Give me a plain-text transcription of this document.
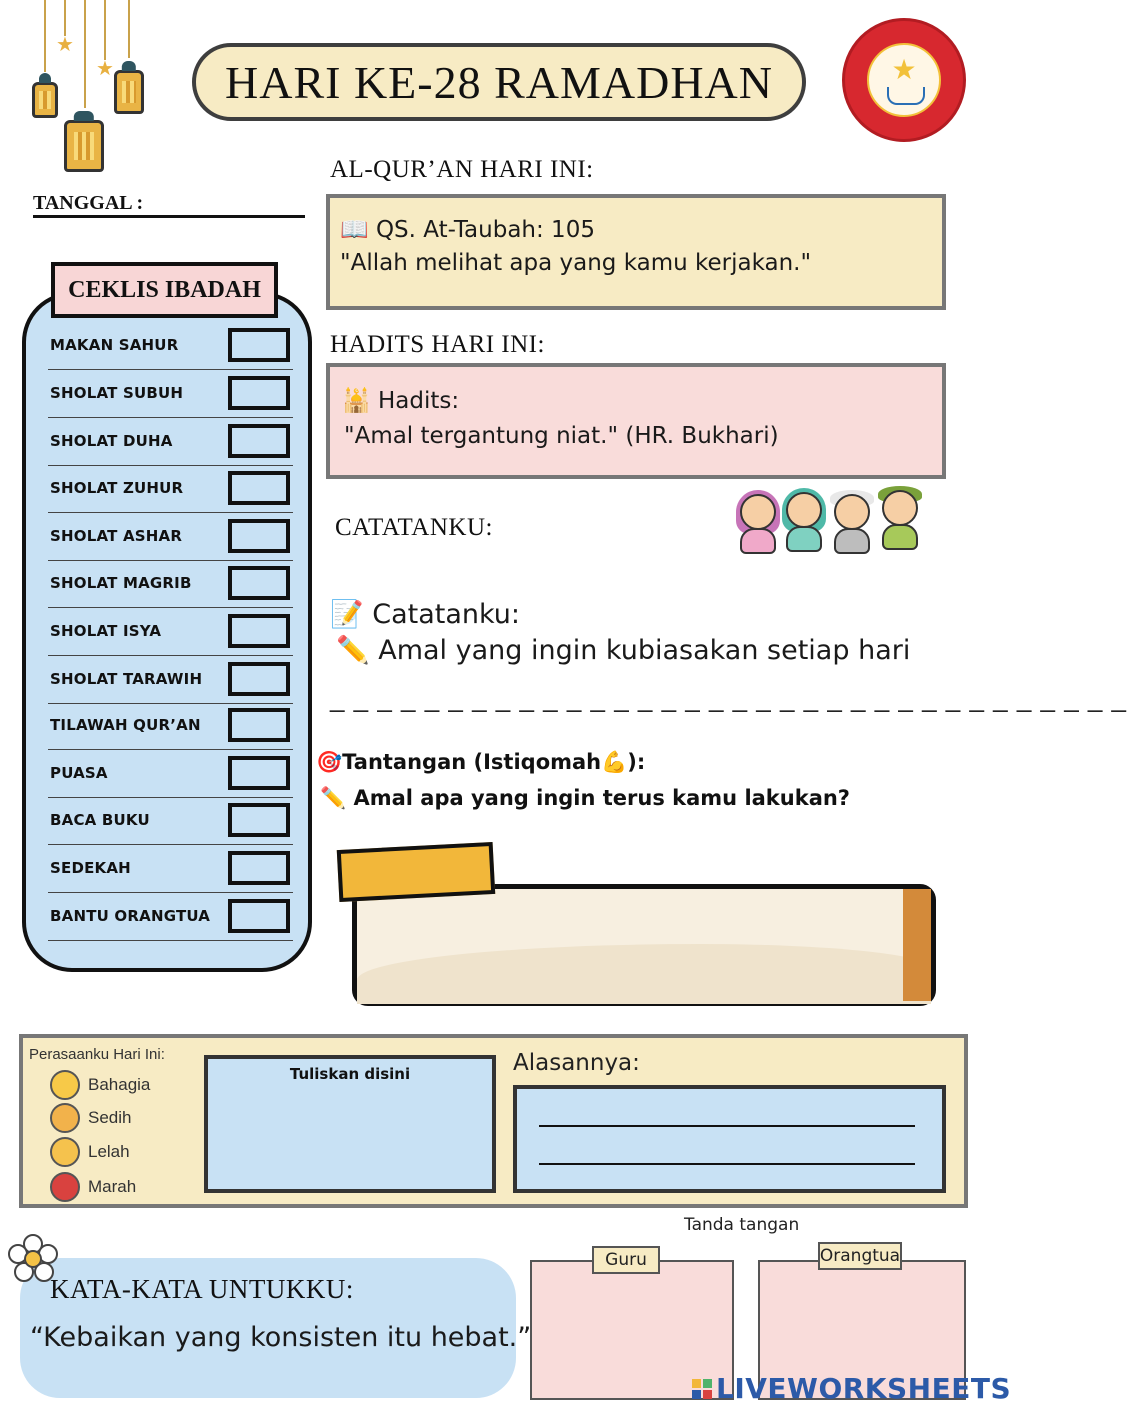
★
★ HARI KE-28 RAMADHAN	★
TANGGAL :
CEKLIS IBADAH
MAKAN SAHUR
SHOLAT SUBUH
SHOLAT DUHA
SHOLAT ZUHUR
SHOLAT ASHAR
SHOLAT MAGRIB
SHOLAT ISYA
SHOLAT TARAWIH
TILAWAH QUR’AN
PUASA
BACA BUKU
SEDEKAH
BANTU ORANGTUA
AL-QUR’AN HARI INI:
📖 QS. At-Taubah: 105
"Allah melihat apa yang kamu kerjakan."
HADITS HARI INI:
🕌 Hadits:
"Amal tergantung niat." (HR. Bukhari)
CATATANKU:
📝 Catatanku:
✏️ Amal yang ingin kubiasakan setiap hari
_ _ _ _ _ _ _ _ _ _ _ _ _ _ _ _ _ _ _ _ _ _ _ _ _ _ _ _ _ _ _ _ _ _
🎯Tantangan (Istiqomah💪):
✏️ Amal apa yang ingin terus kamu lakukan?
Perasaanku Hari Ini:
Bahagia
Sedih
Lelah
Marah
Tuliskan disini	Alasannya:
Tanda tangan
Guru	Orangtua
KATA-KATA UNTUKKU:
“Kebaikan yang konsisten itu hebat.”
LIVEWORKSHEETS
